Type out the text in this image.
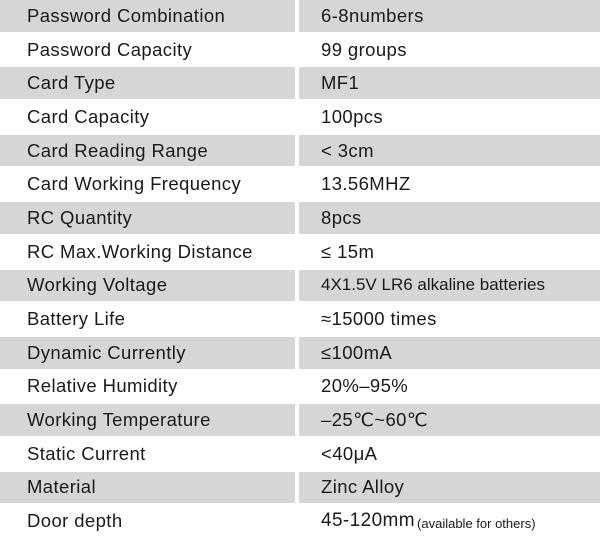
Password Combination	6-8numbers
Password Capacity	99 groups
Card Type	MF1
Card Capacity	100pcs
Card Reading Range	< 3cm
Card Working Frequency	13.56MHZ
RC Quantity	8pcs
RC Max.Working Distance	≤ 15m
Working Voltage	4X1.5V LR6 alkaline batteries
Battery Life	≈15000 times
Dynamic Currently	≤100mA
Relative Humidity	20%–95%
Working Temperature	–25℃~60℃
Static Current	<40μA
Material	Zinc Alloy
Door depth	45-120mm (available for others)
